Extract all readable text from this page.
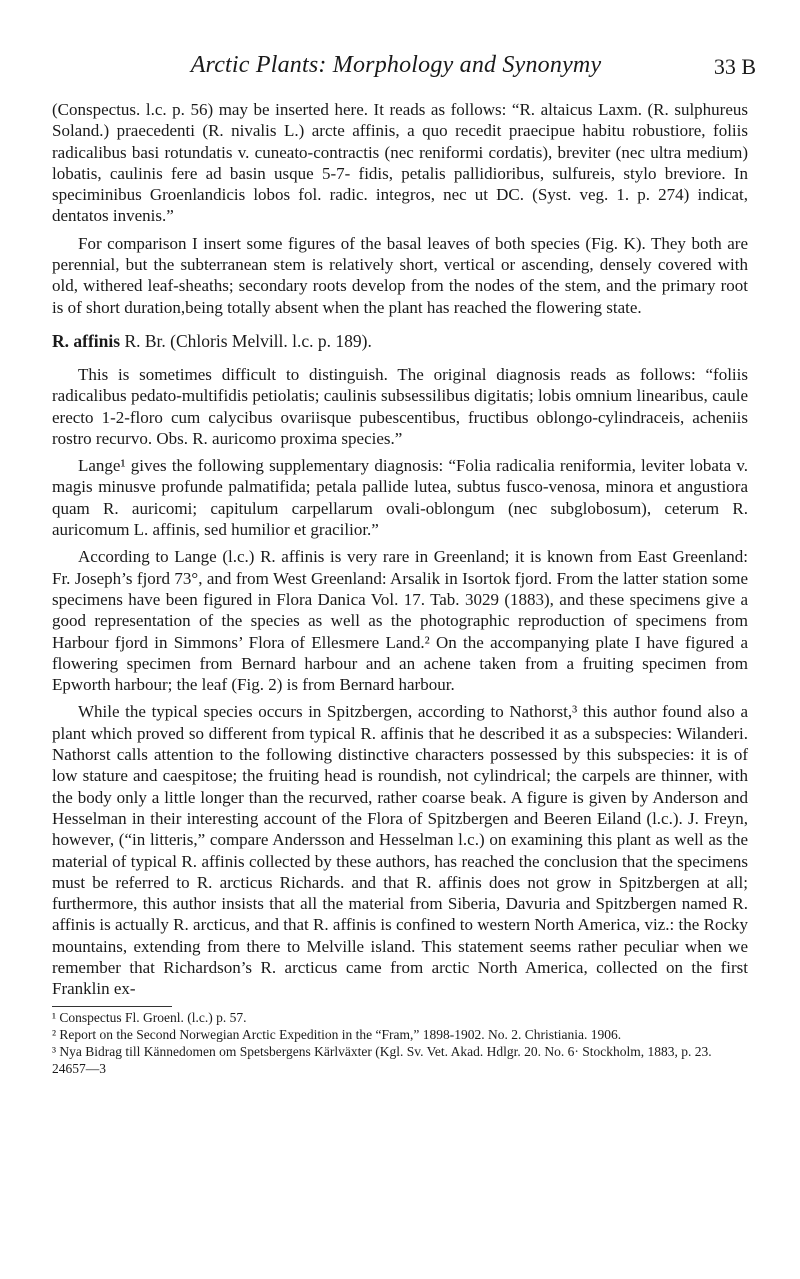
Arctic Plants: Morphology and Synonymy	33 B

(Conspectus. l.c. p. 56) may be inserted here. It reads as follows: “R. altaicus Laxm. (R. sulphureus Soland.) praecedenti (R. nivalis L.) arcte affinis, a quo recedit praecipue habitu robustiore, foliis radicalibus basi rotundatis v. cuneato-contractis (nec reniformi cordatis), breviter (nec ultra medium) lobatis, caulinis fere ad basin usque 5-7- fidis, petalis pallidioribus, sulfureis, stylo breviore. In speciminibus Groenlandicis lobos fol. radic. integros, nec ut DC. (Syst. veg. 1. p. 274) indicat, dentatos invenis.”

For comparison I insert some figures of the basal leaves of both species (Fig. K). They both are perennial, but the subterranean stem is relatively short, vertical or ascending, densely covered with old, withered leaf-sheaths; secondary roots develop from the nodes of the stem, and the primary root is of short duration,being totally absent when the plant has reached the flowering state.

R. affinis R. Br. (Chloris Melvill. l.c. p. 189).

This is sometimes difficult to distinguish. The original diagnosis reads as follows: “foliis radicalibus pedato-multifidis petiolatis; caulinis subsessilibus digitatis; lobis omnium linearibus, caule erecto 1-2-floro cum calycibus ovariisque pubescentibus, fructibus oblongo-cylindraceis, acheniis rostro recurvo. Obs. R. auricomo proxima species.”

Lange¹ gives the following supplementary diagnosis: “Folia radicalia reniformia, leviter lobata v. magis minusve profunde palmatifida; petala pallide lutea, subtus fusco-venosa, minora et angustiora quam R. auricomi; capitulum carpellarum ovali-oblongum (nec subglobosum), ceterum R. auricomum L. affinis, sed humilior et gracilior.”

According to Lange (l.c.) R. affinis is very rare in Greenland; it is known from East Greenland: Fr. Joseph’s fjord 73°, and from West Greenland: Arsalik in Isortok fjord. From the latter station some specimens have been figured in Flora Danica Vol. 17. Tab. 3029 (1883), and these specimens give a good representation of the species as well as the photographic reproduction of specimens from Harbour fjord in Simmons’ Flora of Ellesmere Land.² On the accompanying plate I have figured a flowering specimen from Bernard harbour and an achene taken from a fruiting specimen from Epworth harbour; the leaf (Fig. 2) is from Bernard harbour.

While the typical species occurs in Spitzbergen, according to Nathorst,³ this author found also a plant which proved so different from typical R. affinis that he described it as a subspecies: Wilanderi. Nathorst calls attention to the following distinctive characters possessed by this subspecies: it is of low stature and caespitose; the fruiting head is roundish, not cylindrical; the carpels are thinner, with the body only a little longer than the recurved, rather coarse beak. A figure is given by Anderson and Hesselman in their interesting account of the Flora of Spitzbergen and Beeren Eiland (l.c.). J. Freyn, however, (“in litteris,” compare Andersson and Hesselman l.c.) on examining this plant as well as the material of typical R. affinis collected by these authors, has reached the conclusion that the specimens must be referred to R. arcticus Richards. and that R. affinis does not grow in Spitzbergen at all; furthermore, this author insists that all the material from Siberia, Davuria and Spitzbergen named R. affinis is actually R. arcticus, and that R. affinis is confined to western North America, viz.: the Rocky mountains, extending from there to Melville island. This statement seems rather peculiar when we remember that Richardson’s R. arcticus came from arctic North America, collected on the first Franklin ex-

¹ Conspectus Fl. Groenl. (l.c.) p. 57.

² Report on the Second Norwegian Arctic Expedition in the “Fram,” 1898-1902. No. 2. Christiania. 1906.

³ Nya Bidrag till Kännedomen om Spetsbergens Kärlväxter (Kgl. Sv. Vet. Akad. Hdlgr. 20. No. 6· Stockholm, 1883, p. 23.

24657—3
